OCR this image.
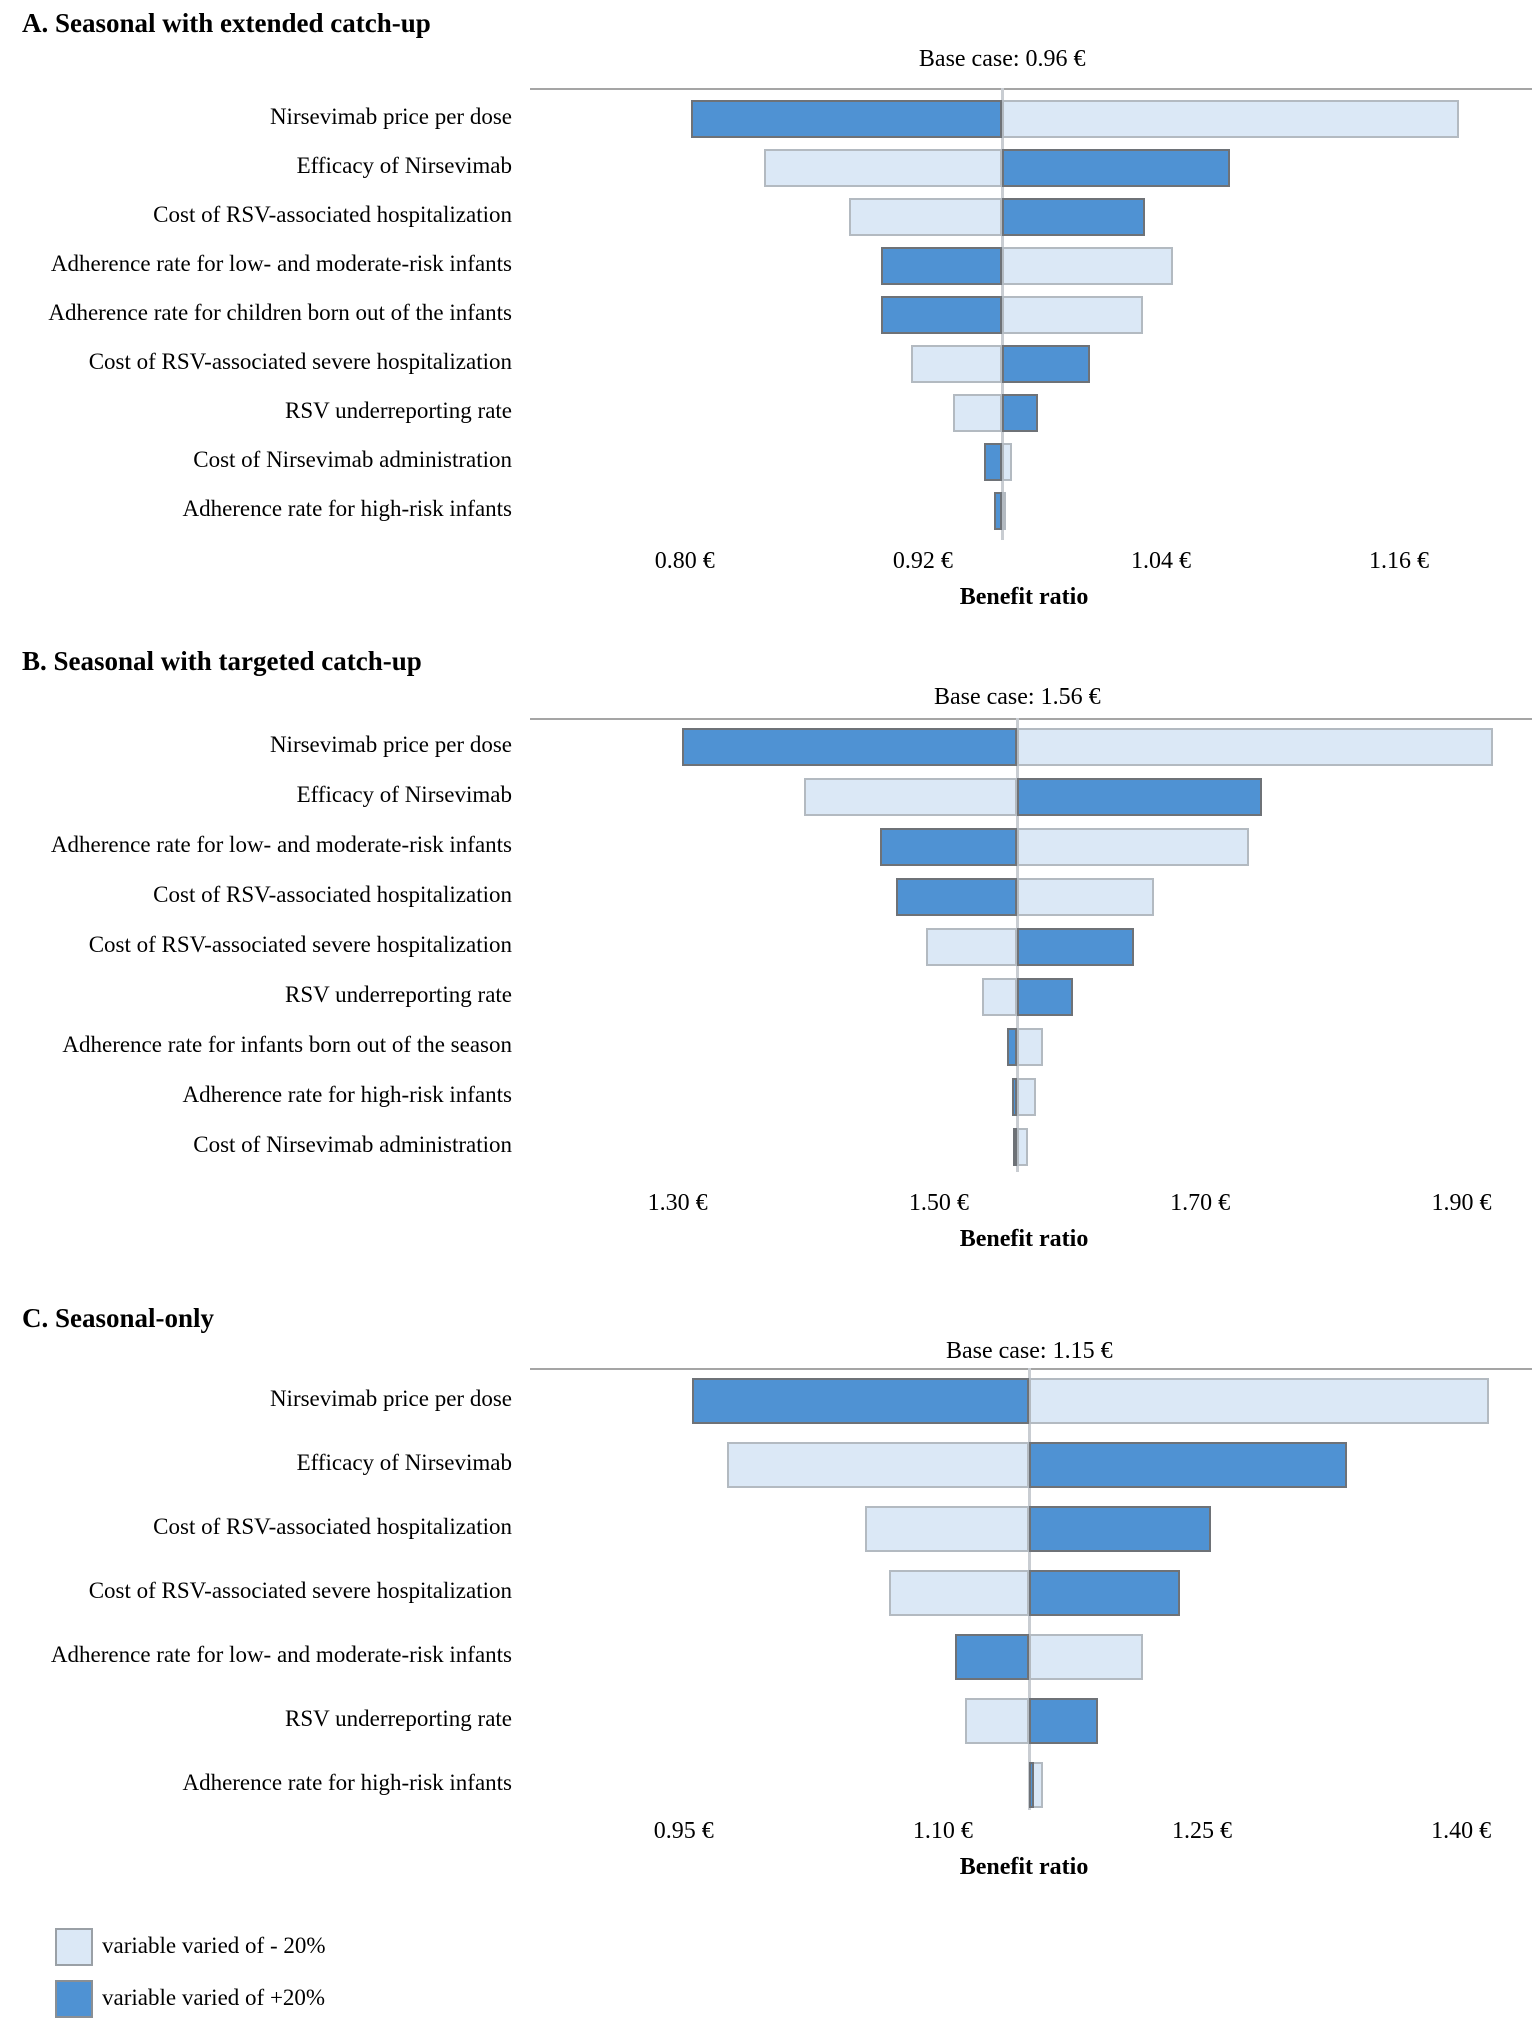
A. Seasonal with extended catch-up
Base case: 0.96 €
Nirsevimab price per dose
Efficacy of Nirsevimab
Cost of RSV-associated hospitalization
Adherence rate for low- and moderate-risk infants
Adherence rate for children born out of the infants
Cost of RSV-associated severe hospitalization
RSV underreporting rate
Cost of Nirsevimab administration
Adherence rate for high-risk infants
0.80 €	0.92 €	1.04 €	1.16 €
Benefit ratio
B. Seasonal with targeted catch-up
Base case: 1.56 €
Nirsevimab price per dose
Efficacy of Nirsevimab
Adherence rate for low- and moderate-risk infants
Cost of RSV-associated hospitalization
Cost of RSV-associated severe hospitalization
RSV underreporting rate
Adherence rate for infants born out of the season
Adherence rate for high-risk infants
Cost of Nirsevimab administration
1.30 €	1.50 €	1.70 €	1.90 €
Benefit ratio
C. Seasonal-only
Base case: 1.15 €
Nirsevimab price per dose
Efficacy of Nirsevimab
Cost of RSV-associated hospitalization
Cost of RSV-associated severe hospitalization
Adherence rate for low- and moderate-risk infants
RSV underreporting rate
Adherence rate for high-risk infants
0.95 €	1.10 €	1.25 €	1.40 €
Benefit ratio
variable varied of - 20%
variable varied of +20%
